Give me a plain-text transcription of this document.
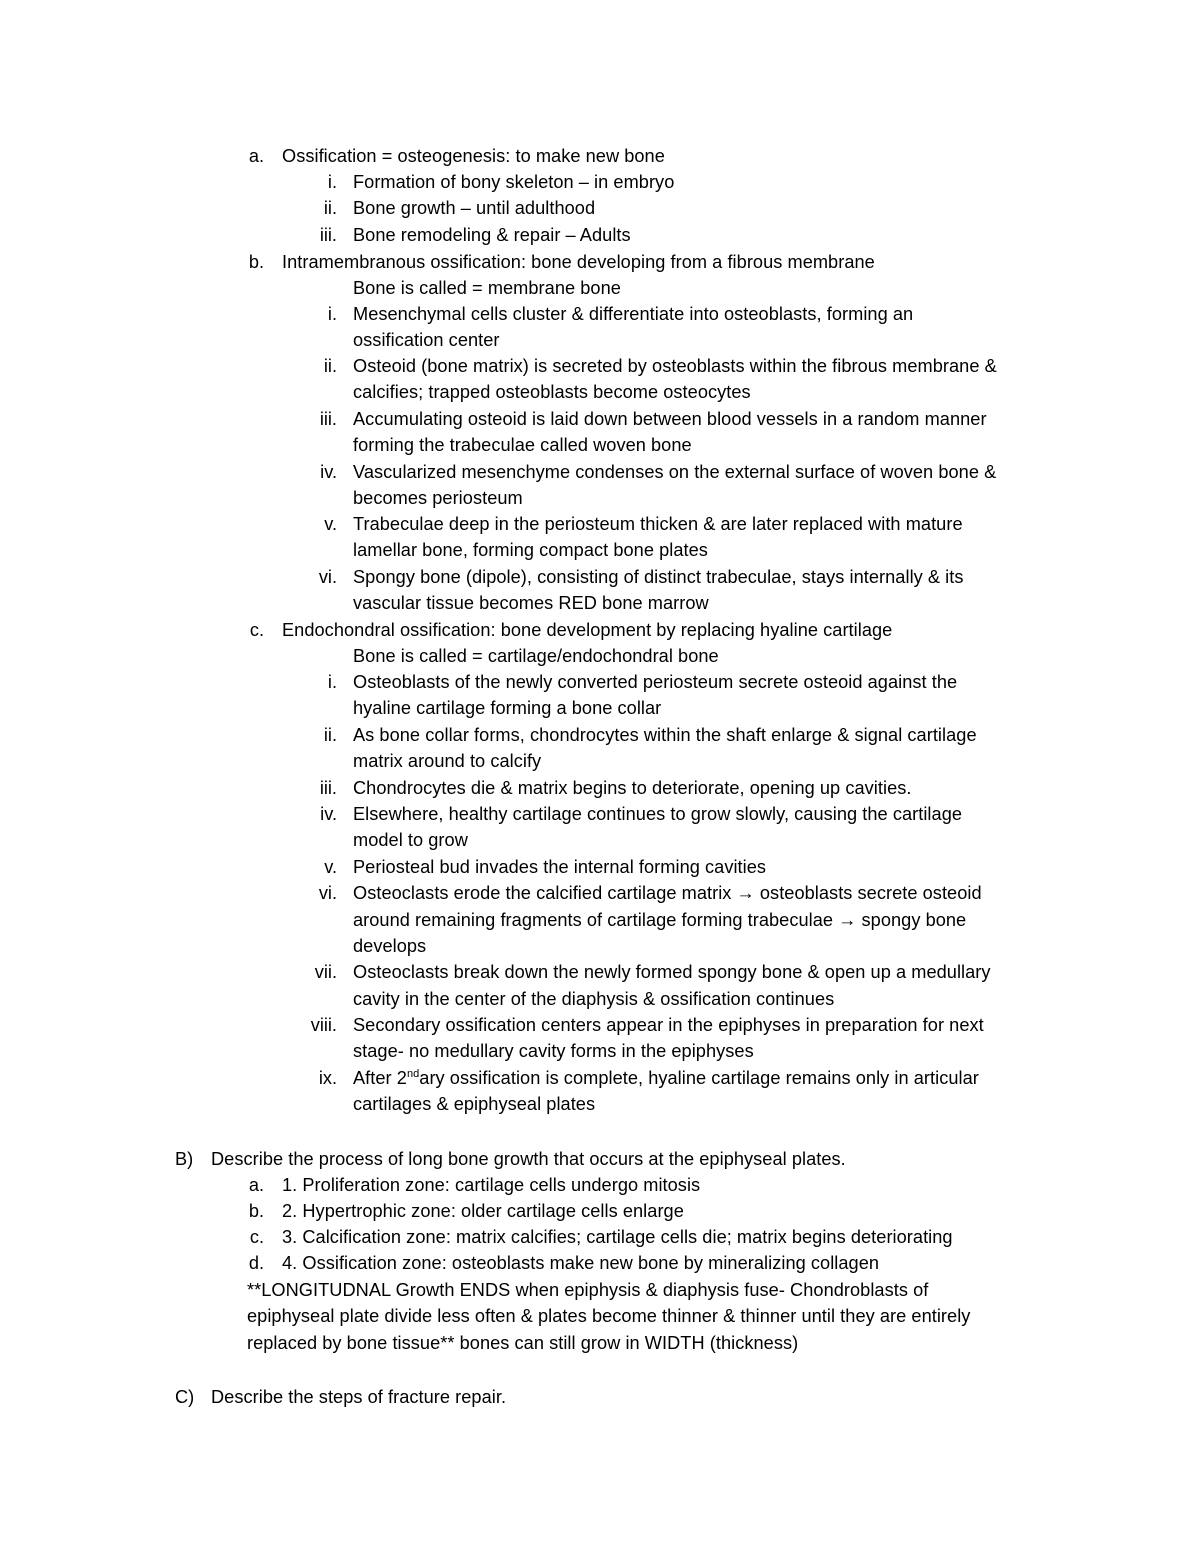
a. Ossification = osteogenesis: to make new bone
i. Formation of bony skeleton – in embryo
ii. Bone growth – until adulthood
iii. Bone remodeling & repair – Adults
b. Intramembranous ossification: bone developing from a fibrous membrane
Bone is called = membrane bone
i. Mesenchymal cells cluster & differentiate into osteoblasts, forming an
ossification center
ii. Osteoid (bone matrix) is secreted by osteoblasts within the fibrous membrane &
calcifies; trapped osteoblasts become osteocytes
iii. Accumulating osteoid is laid down between blood vessels in a random manner
forming the trabeculae called woven bone
iv. Vascularized mesenchyme condenses on the external surface of woven bone &
becomes periosteum
v. Trabeculae deep in the periosteum thicken & are later replaced with mature
lamellar bone, forming compact bone plates
vi. Spongy bone (dipole), consisting of distinct trabeculae, stays internally & its
vascular tissue becomes RED bone marrow
c. Endochondral ossification: bone development by replacing hyaline cartilage
Bone is called = cartilage/endochondral bone
i. Osteoblasts of the newly converted periosteum secrete osteoid against the
hyaline cartilage forming a bone collar
ii. As bone collar forms, chondrocytes within the shaft enlarge & signal cartilage
matrix around to calcify
iii. Chondrocytes die & matrix begins to deteriorate, opening up cavities.
iv. Elsewhere, healthy cartilage continues to grow slowly, causing the cartilage
model to grow
v. Periosteal bud invades the internal forming cavities
vi. Osteoclasts erode the calcified cartilage matrix → osteoblasts secrete osteoid
around remaining fragments of cartilage forming trabeculae → spongy bone
develops
vii. Osteoclasts break down the newly formed spongy bone & open up a medullary
cavity in the center of the diaphysis & ossification continues
viii. Secondary ossification centers appear in the epiphyses in preparation for next
stage- no medullary cavity forms in the epiphyses
ix. After 2ndary ossification is complete, hyaline cartilage remains only in articular
cartilages & epiphyseal plates
B) Describe the process of long bone growth that occurs at the epiphyseal plates.
a. 1. Proliferation zone: cartilage cells undergo mitosis
b. 2. Hypertrophic zone: older cartilage cells enlarge
c. 3. Calcification zone: matrix calcifies; cartilage cells die; matrix begins deteriorating
d. 4. Ossification zone: osteoblasts make new bone by mineralizing collagen
**LONGITUDNAL Growth ENDS when epiphysis & diaphysis fuse- Chondroblasts of
epiphyseal plate divide less often & plates become thinner & thinner until they are entirely
replaced by bone tissue** bones can still grow in WIDTH (thickness)
C) Describe the steps of fracture repair.
